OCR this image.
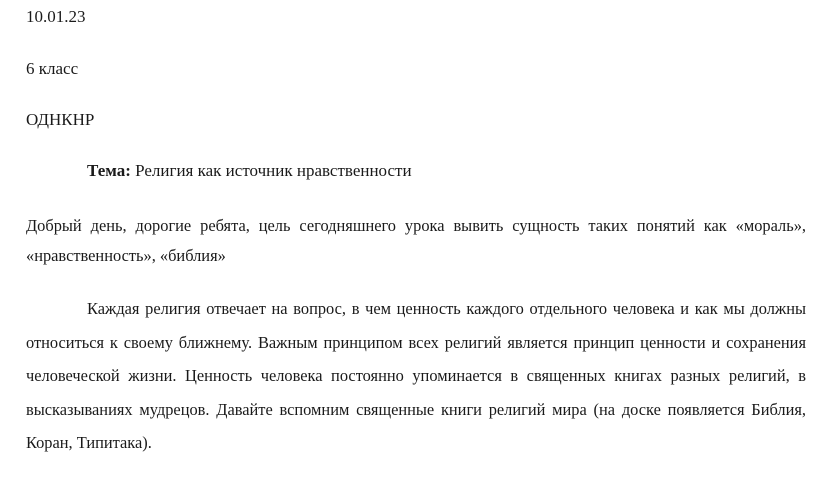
10.01.23
6 класс
ОДНКНР
Тема: Религия как источник нравственности

Добрый день, дорогие ребята, цель сегодняшнего урока вывить сущность таких понятий как «мораль», «нравственность», «библия»

Каждая религия отвечает на вопрос, в чем ценность каждого отдельного человека и как мы должны относиться к своему ближнему. Важным принципом всех религий является принцип ценности и сохранения человеческой жизни. Ценность человека постоянно упоминается в священных книгах разных религий, в высказываниях мудрецов. Давайте вспомним священные книги религий мира (на доске появляется Библия, Коран, Типитака).
